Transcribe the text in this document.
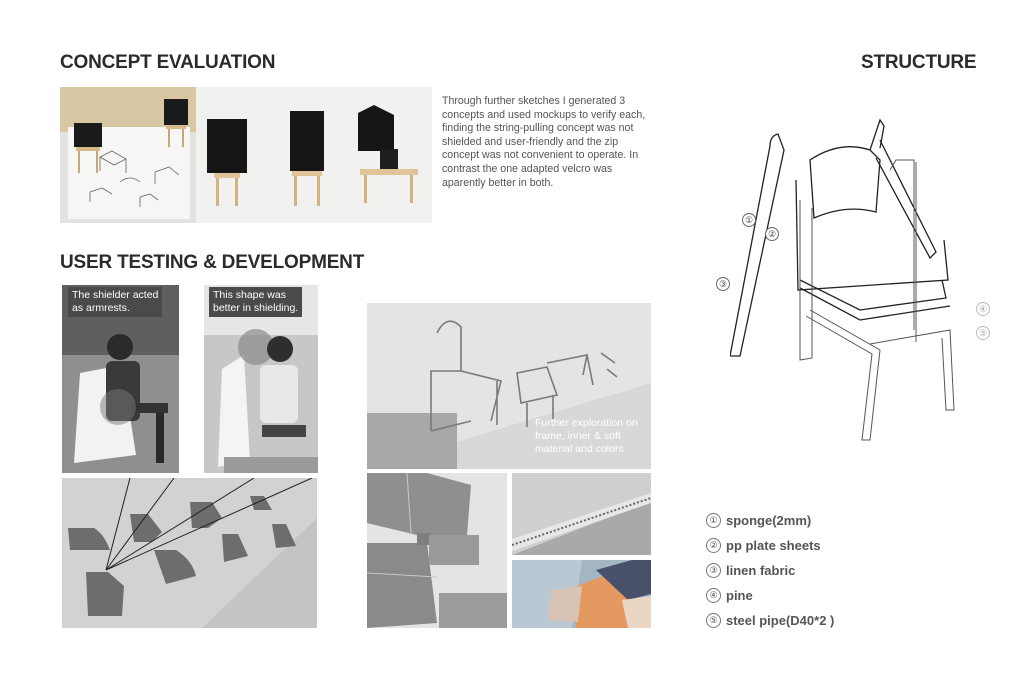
CONCEPT EVALUATION	STRUCTURE
USER TESTING & DEVELOPMENT

Through further sketches I generated 3 concepts and used mockups to verify each, finding the string-pulling concept was not shielded and user-friendly and the zip concept was not convenient to operate. In contrast the one adapted velcro was aparently better in both.

The shielder acted
as armrests.
This shape was
better in shielding.
Further exploration on frame, inner & soft material and colors
①
②
③
④
⑤
① sponge(2mm)
② pp plate sheets
③ linen fabric
④ pine
⑤ steel pipe(D40*2 )
